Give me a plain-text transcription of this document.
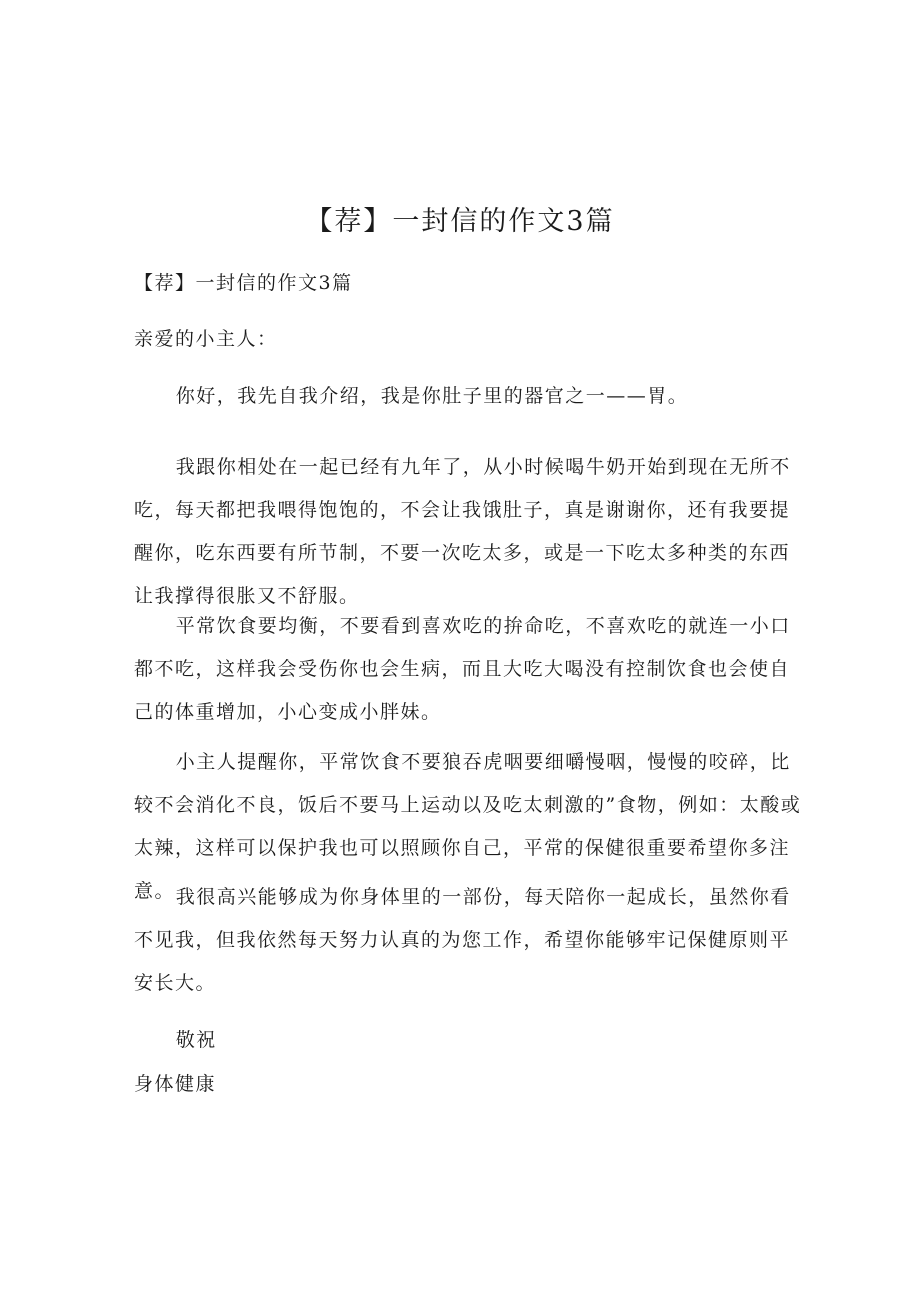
【荐】一封信的作文3篇

【荐】一封信的作文3篇

亲爱的小主人：

你好，我先自我介绍，我是你肚子里的器官之一——胃。

我跟你相处在一起已经有九年了，从小时候喝牛奶开始到现在无所不吃，每天都把我喂得饱饱的，不会让我饿肚子，真是谢谢你，还有我要提醒你，吃东西要有所节制，不要一次吃太多，或是一下吃太多种类的东西让我撑得很胀又不舒服。

平常饮食要均衡，不要看到喜欢吃的拚命吃，不喜欢吃的就连一小口都不吃，这样我会受伤你也会生病，而且大吃大喝没有控制饮食也会使自己的体重增加，小心变成小胖妹。

小主人提醒你，平常饮食不要狼吞虎咽要细嚼慢咽，慢慢的咬碎，比较不会消化不良，饭后不要马上运动以及吃太刺激的”食物，例如：太酸或太辣，这样可以保护我也可以照顾你自己，平常的保健很重要希望你多注意。 我很高兴能够成为你身体里的一部份，每天陪你一起成长，虽然你看不见我，但我依然每天努力认真的为您工作，希望你能够牢记保健原则平安长大。

敬祝

身体健康
